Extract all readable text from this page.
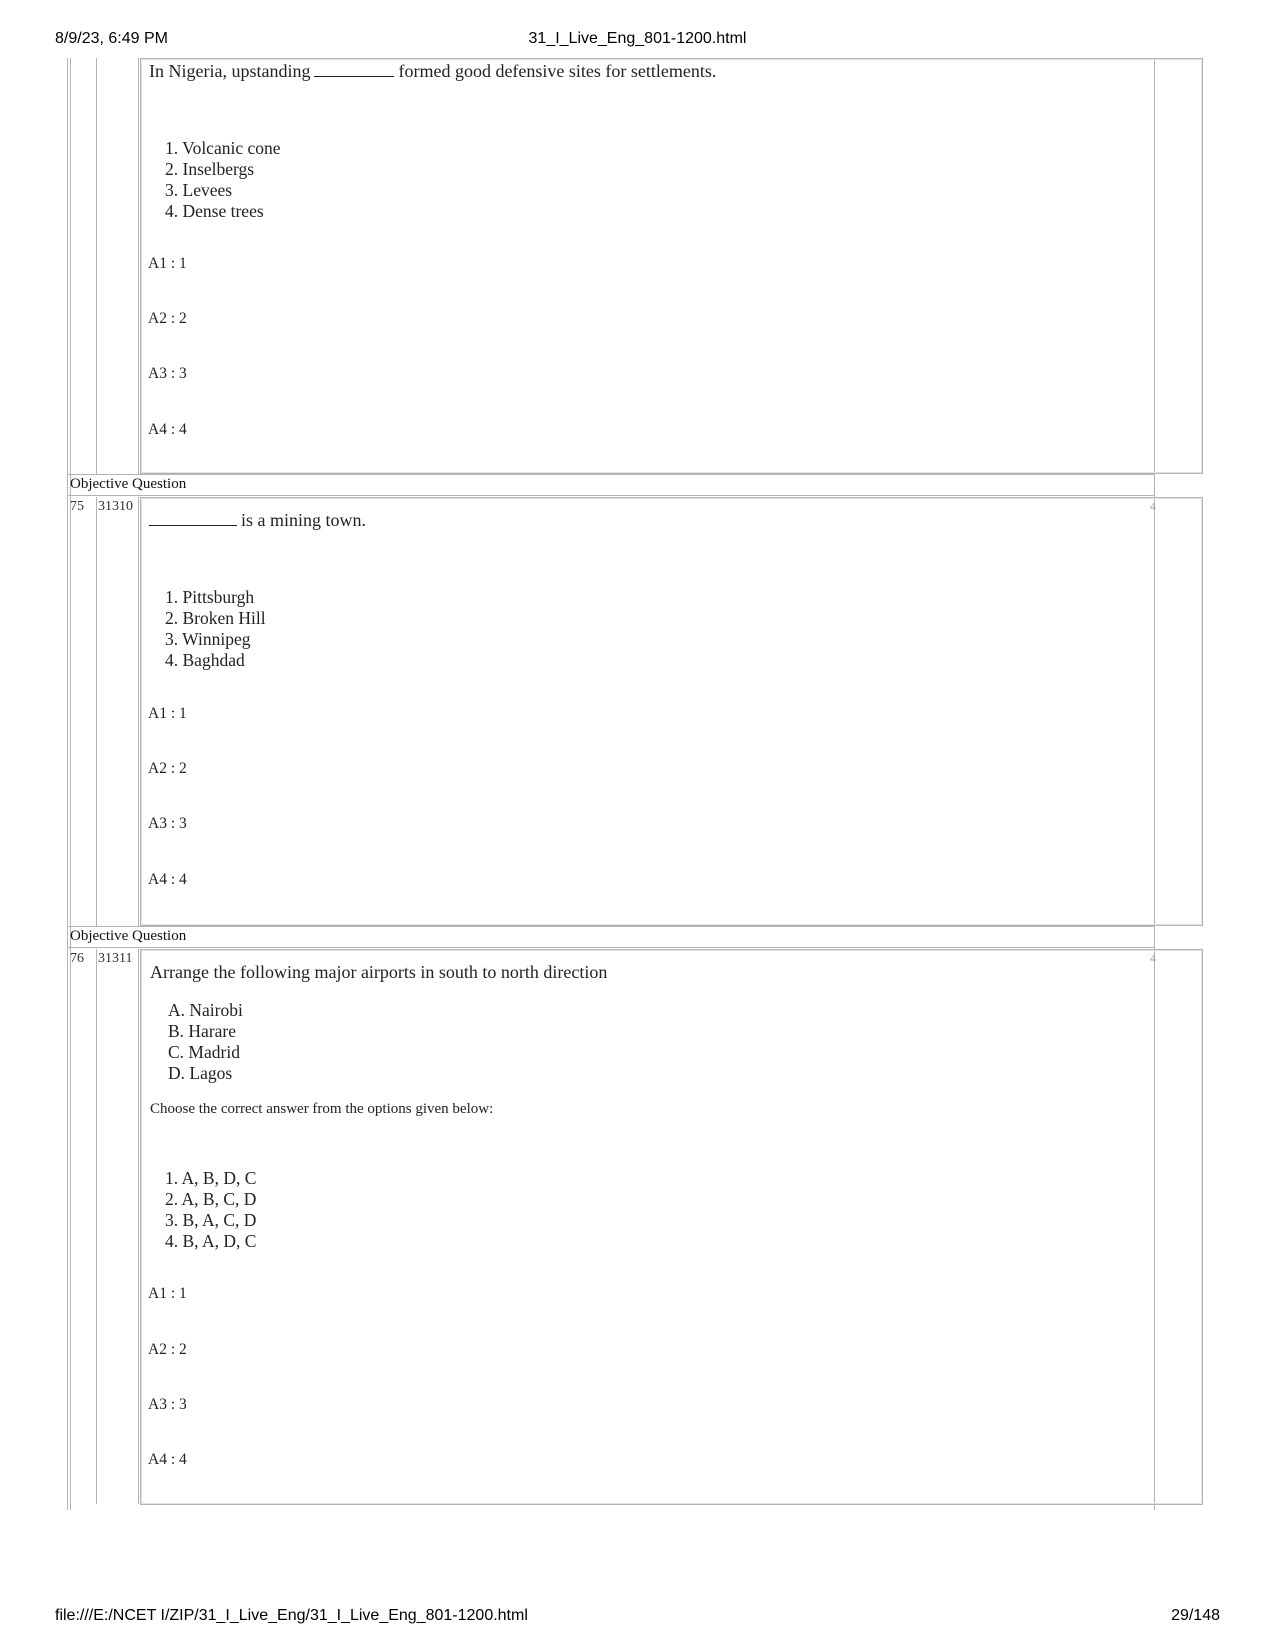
8/9/23, 6:49 PM	31_I_Live_Eng_801-1200.html
In Nigeria, upstanding	formed good defensive sites for settlements.
1. Volcanic cone
2. Inselbergs
3. Levees
4. Dense trees
A1 : 1
A2 : 2
A3 : 3
A4 : 4
Objective Question
75 31310	4
is a mining town.
1. Pittsburgh
2. Broken Hill
3. Winnipeg
4. Baghdad
A1 : 1
A2 : 2
A3 : 3
A4 : 4
Objective Question
76 31311	4
Arrange the following major airports in south to north direction
A. Nairobi
B. Harare
C. Madrid
D. Lagos
Choose the correct answer from the options given below:
1. A, B, D, C
2. A, B, C, D
3. B, A, C, D
4. B, A, D, C
A1 : 1
A2 : 2
A3 : 3
A4 : 4
file:///E:/NCET I/ZIP/31_I_Live_Eng/31_I_Live_Eng_801-1200.html	29/148
